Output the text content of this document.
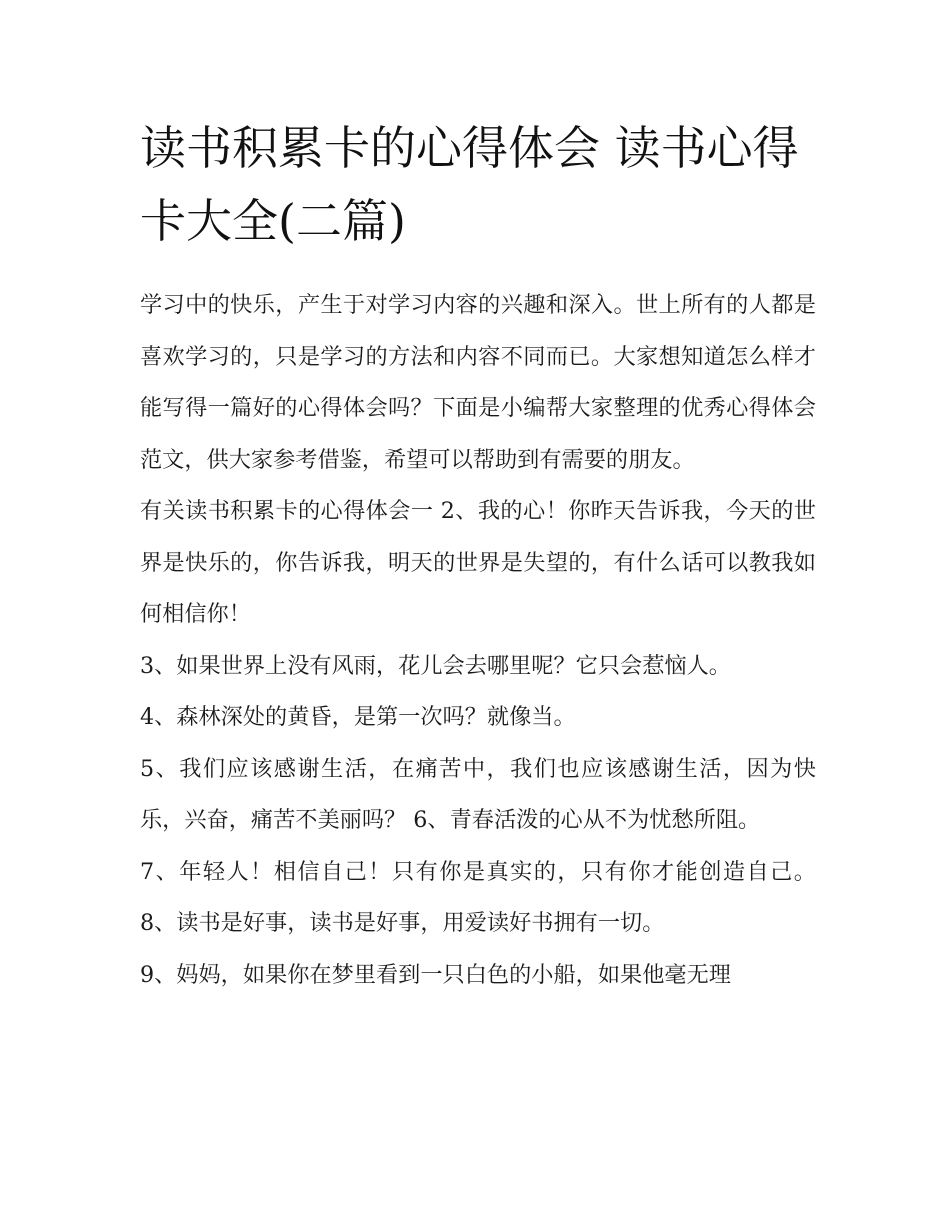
读书积累卡的心得体会 读书心得卡大全(二篇)

学习中的快乐，产生于对学习内容的兴趣和深入。世上所有的人都是喜欢学习的，只是学习的方法和内容不同而已。大家想知道怎么样才能写得一篇好的心得体会吗？下面是小编帮大家整理的优秀心得体会范文，供大家参考借鉴，希望可以帮助到有需要的朋友。

有关读书积累卡的心得体会一 2、我的心！你昨天告诉我，今天的世界是快乐的，你告诉我，明天的世界是失望的，有什么话可以教我如何相信你！

3、如果世界上没有风雨，花儿会去哪里呢？它只会惹恼人。

4、森林深处的黄昏，是第一次吗？就像当。

5、我们应该感谢生活，在痛苦中，我们也应该感谢生活，因为快乐，兴奋，痛苦不美丽吗？ 6、青春活泼的心从不为忧愁所阻。

7、年轻人！相信自己！只有你是真实的，只有你才能创造自己。 8、读书是好事，读书是好事，用爱读好书拥有一切。

9、妈妈，如果你在梦里看到一只白色的小船，如果他毫无理
